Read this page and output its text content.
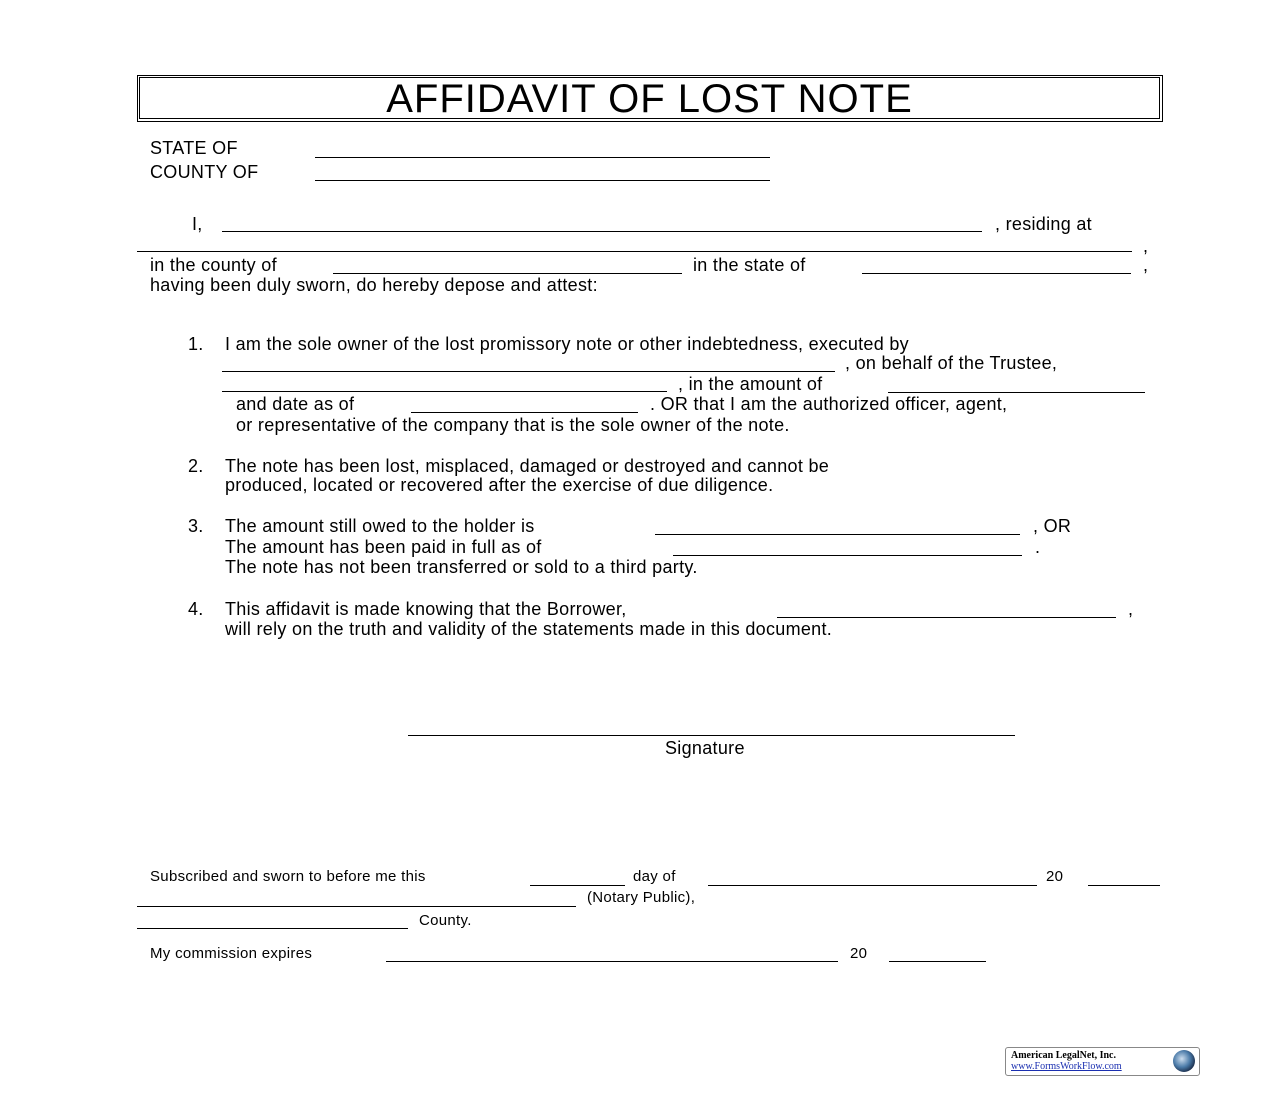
AFFIDAVIT OF LOST NOTE
STATE OF
COUNTY OF
I,	, residing at
,
in the county of	in the state of	,
having been duly sworn, do hereby depose and attest:
1. I am the sole owner of the lost promissory note or other indebtedness, executed by
, on behalf of the Trustee,
, in the amount of
and date as of	. OR that I am the authorized officer, agent,
or representative of the company that is the sole owner of the note.
2. The note has been lost, misplaced, damaged or destroyed and cannot be
produced, located or recovered after the exercise of due diligence.
3. The amount still owed to the holder is	, OR
The amount has been paid in full as of	.
The note has not been transferred or sold to a third party.
4. This affidavit is made knowing that the Borrower,	,
will rely on the truth and validity of the statements made in this document.
Signature
Subscribed and sworn to before me this	day of	20
(Notary Public),
County.
My commission expires	20
American LegalNet, Inc.
www.FormsWorkFlow.com
